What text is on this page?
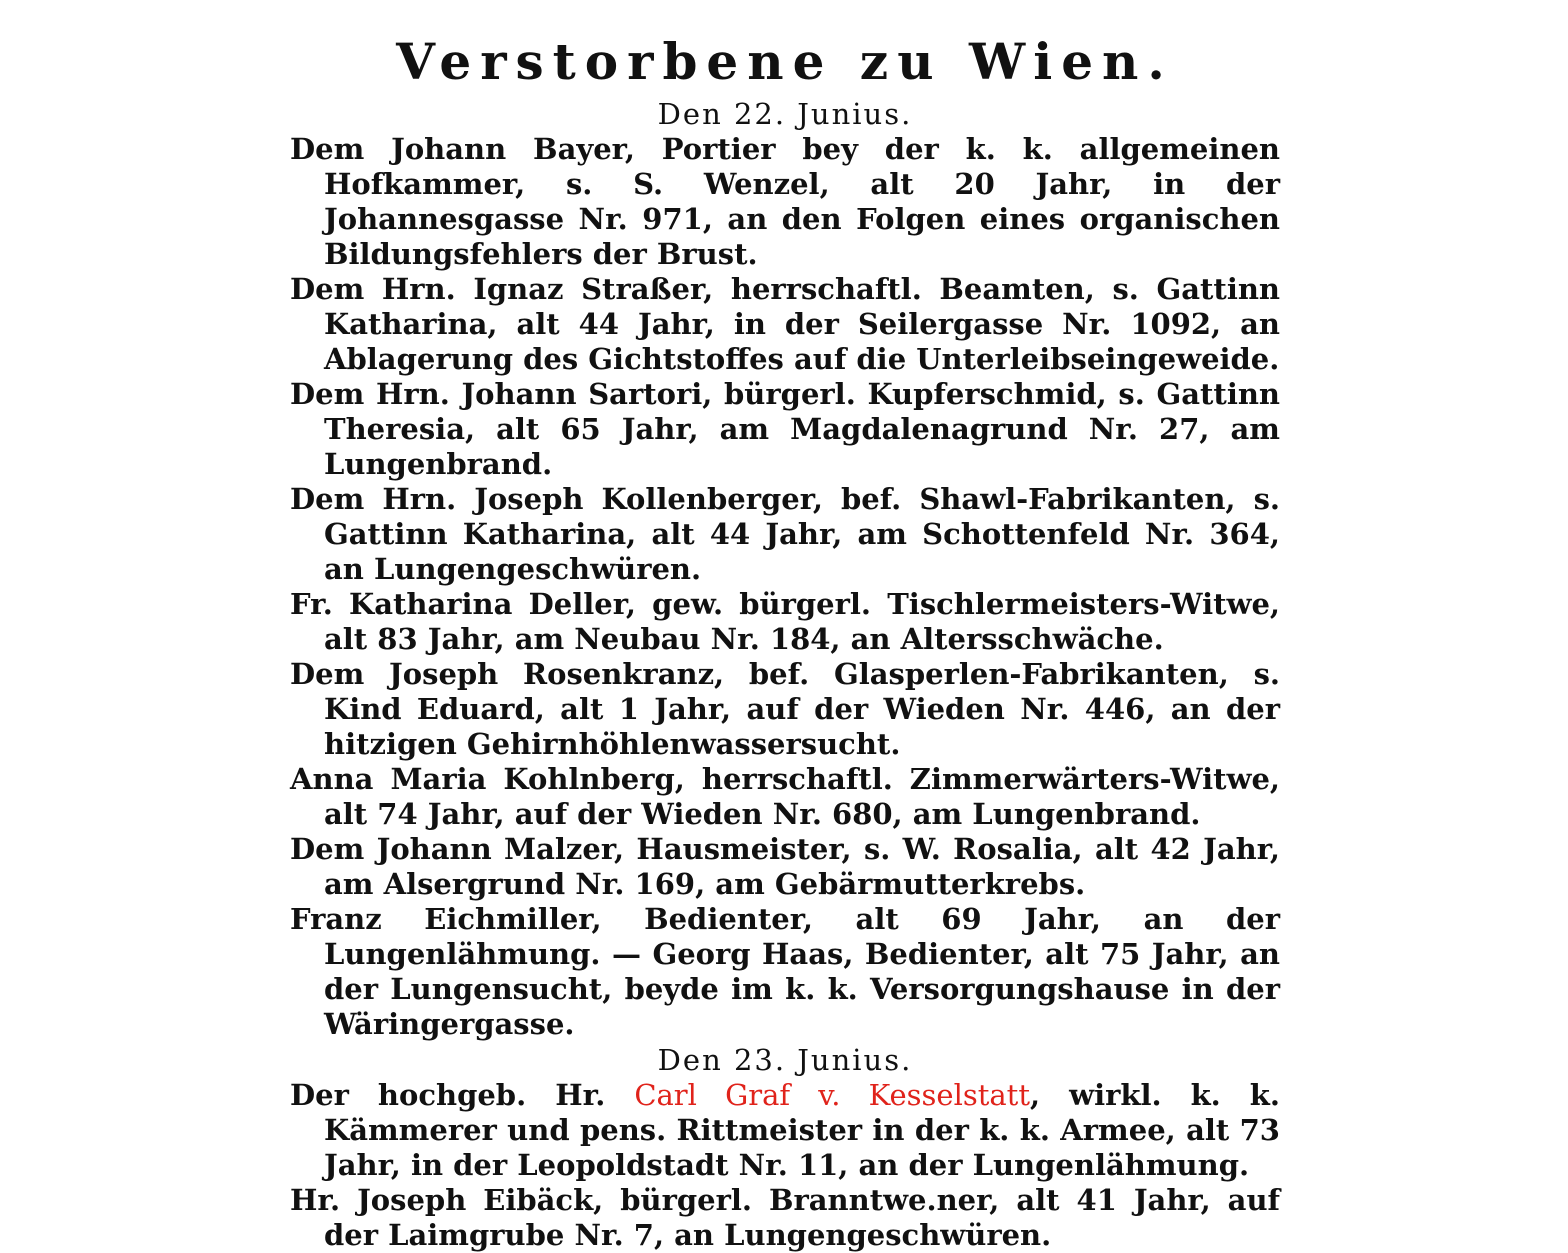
Verstorbene zu Wien.

Den 22. Junius.

Dem Johann Bayer, Portier bey der k. k. allgemeinen Hofkammer, s. S. Wenzel, alt 20 Jahr, in der Johannesgasse Nr. 971, an den Folgen eines organischen Bildungsfehlers der Brust.

Dem Hrn. Ignaz Straßer, herrschaftl. Beamten, s. Gattinn Katharina, alt 44 Jahr, in der Seilergasse Nr. 1092, an Ablagerung des Gichtstoffes auf die Unterleibseingeweide.

Dem Hrn. Johann Sartori, bürgerl. Kupferschmid, s. Gattinn Theresia, alt 65 Jahr, am Magdalenagrund Nr. 27, am Lungenbrand.

Dem Hrn. Joseph Kollenberger, bef. Shawl-Fabrikanten, s. Gattinn Katharina, alt 44 Jahr, am Schottenfeld Nr. 364, an Lungengeschwüren.

Fr. Katharina Deller, gew. bürgerl. Tischlermeisters-Witwe, alt 83 Jahr, am Neubau Nr. 184, an Altersschwäche.

Dem Joseph Rosenkranz, bef. Glasperlen-Fabrikanten, s. Kind Eduard, alt 1 Jahr, auf der Wieden Nr. 446, an der hitzigen Gehirnhöhlenwassersucht.

Anna Maria Kohlnberg, herrschaftl. Zimmerwärters-Witwe, alt 74 Jahr, auf der Wieden Nr. 680, am Lungenbrand.

Dem Johann Malzer, Hausmeister, s. W. Rosalia, alt 42 Jahr, am Alsergrund Nr. 169, am Gebärmutterkrebs.

Franz Eichmiller, Bedienter, alt 69 Jahr, an der Lungenlähmung. — Georg Haas, Bedienter, alt 75 Jahr, an der Lungensucht, beyde im k. k. Versorgungshause in der Wäringergasse.

Den 23. Junius.

Der hochgeb. Hr. Carl Graf v. Kesselstatt, wirkl. k. k. Kämmerer und pens. Rittmeister in der k. k. Armee, alt 73 Jahr, in der Leopoldstadt Nr. 11, an der Lungenlähmung.

Hr. Joseph Eibäck, bürgerl. Branntwe.ner, alt 41 Jahr, auf der Laimgrube Nr. 7, an Lungengeschwüren.
